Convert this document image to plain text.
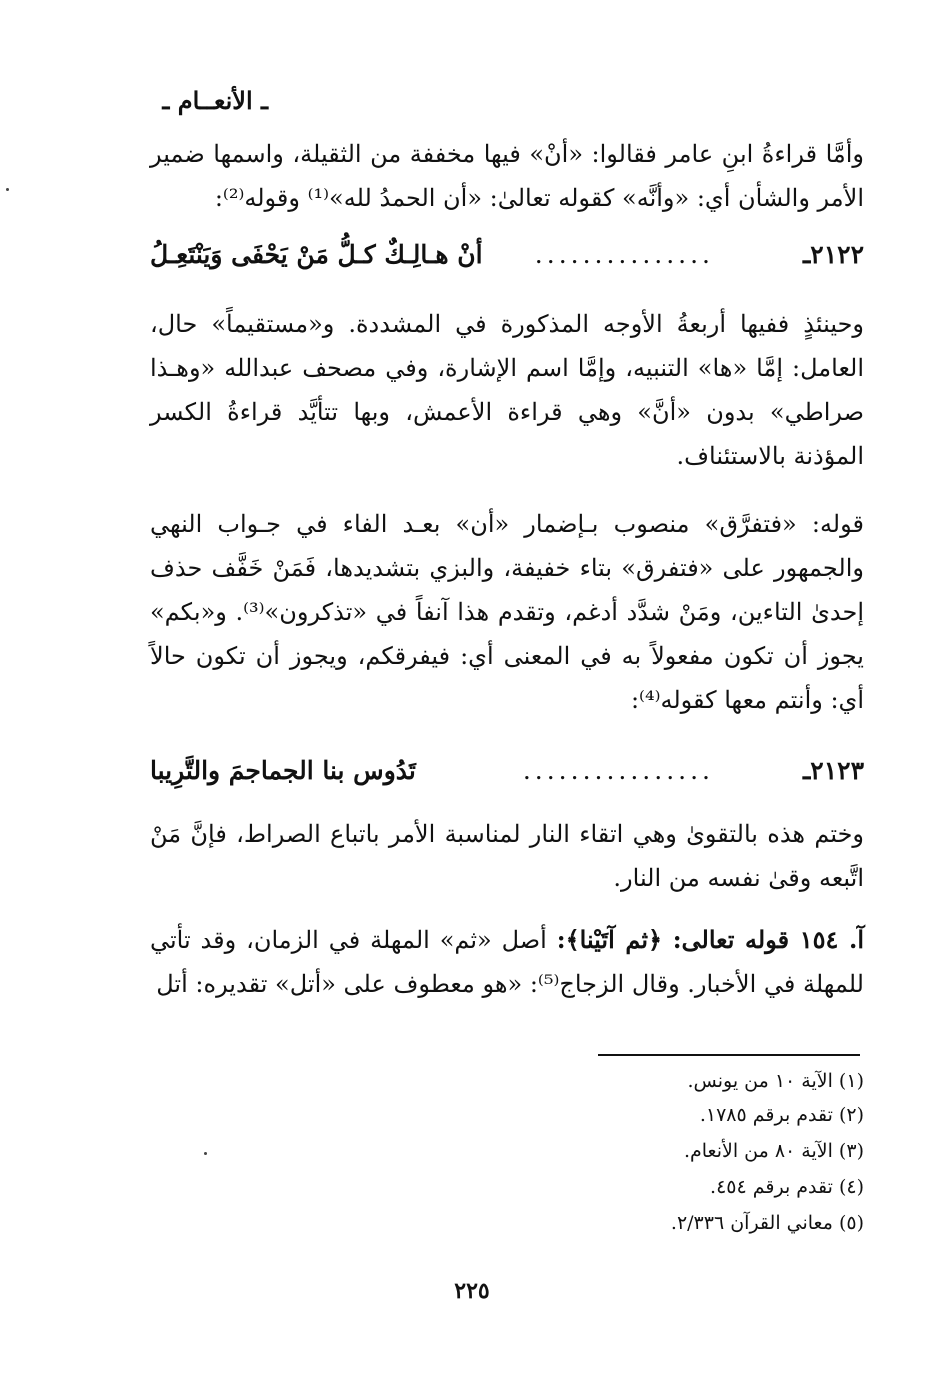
ـ الأنعــام ـ
وأمَّا قراءةُ ابنِ عامر فقالوا: «أنْ» فيها مخففة من الثقيلة، واسمها ضمير الأمر والشأن أي: «وأنَّه» كقوله تعالىٰ: «أن الحمدُ لله»⁽¹⁾ وقوله⁽²⁾:
٢١٢٢ـ
...............
أنْ هـالِـكٌ كـلُّ مَنْ يَحْفَى وَيَنْتَعِـلُ
وحينئذٍ ففيها أربعةُ الأوجه المذكورة في المشددة. و«مستقيماً» حال، العامل: إمَّا «ها» التنبيه، وإمَّا اسم الإشارة، وفي مصحف عبدالله «وهـذا صراطي» بدون «أنَّ» وهي قراءة الأعمش، وبها تتأيَّد قراءةُ الكسر المؤذنة بالاستئناف.
قوله: «فتفرَّق» منصوب بـإضمار «أن» بعـد الفاء في جـواب النهي والجمهور على «فتفرق» بتاء خفيفة، والبزي بتشديدها، فَمَنْ خَفَّف حذف إحدىٰ التاءين، ومَنْ شدَّد أدغم، وتقدم هذا آنفاً في «تذكرون»⁽³⁾. و«بكم» يجوز أن تكون مفعولاً به في المعنى أي: فيفرقكم، ويجوز أن تكون حالاً أي: وأنتم معها كقوله⁽⁴⁾:
٢١٢٣ـ
................
تَدُوس بنا الجماجمَ والتَّرِيبا
وختم هذه بالتقوىٰ وهي اتقاء النار لمناسبة الأمر باتباع الصراط، فإنَّ مَنْ اتَّبعه وقىٰ نفسه من النار.
آ. ١٥٤ قوله تعالى: ﴿ثم آتَيْنا﴾: أصل «ثم» المهلة في الزمان، وقد تأتي للمهلة في الأخبار. وقال الزجاج⁽⁵⁾: «هو معطوف على «أتل» تقديره: أتل
(١) الآية ١٠ من يونس.
(٢) تقدم برقم ١٧٨٥.
(٣) الآية ٨٠ من الأنعام.
(٤) تقدم برقم ٤٥٤.
(٥) معاني القرآن ٢/٣٣٦.
٢٢٥
